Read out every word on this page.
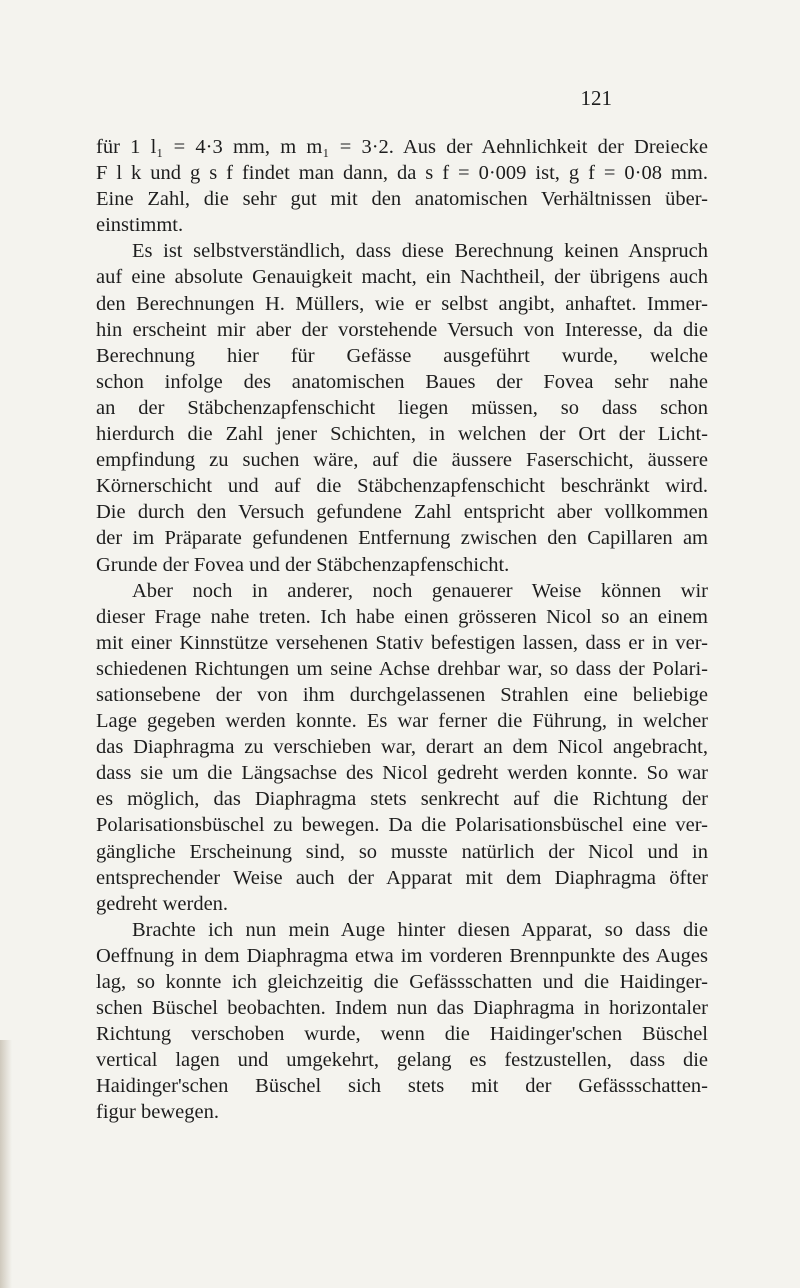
121
für 1 l₁ = 4·3 mm, m m₁ = 3·2. Aus der Aehnlichkeit der Dreiecke
F l k und g s f findet man dann, da s f = 0·009 ist, g f = 0·08 mm.
Eine Zahl, die sehr gut mit den anatomischen Verhältnissen über-
einstimmt.
Es ist selbstverständlich, dass diese Berechnung keinen Anspruch
auf eine absolute Genauigkeit macht, ein Nachtheil, der übrigens auch
den Berechnungen H. Müllers, wie er selbst angibt, anhaftet. Immer-
hin erscheint mir aber der vorstehende Versuch von Interesse, da die
Berechnung hier für Gefässe ausgeführt wurde, welche
schon infolge des anatomischen Baues der Fovea sehr nahe
an der Stäbchenzapfenschicht liegen müssen, so dass schon
hierdurch die Zahl jener Schichten, in welchen der Ort der Licht-
empfindung zu suchen wäre, auf die äussere Faserschicht, äussere
Körnerschicht und auf die Stäbchenzapfenschicht beschränkt wird.
Die durch den Versuch gefundene Zahl entspricht aber vollkommen
der im Präparate gefundenen Entfernung zwischen den Capillaren am
Grunde der Fovea und der Stäbchenzapfenschicht.
Aber noch in anderer, noch genauerer Weise können wir
dieser Frage nahe treten. Ich habe einen grösseren Nicol so an einem
mit einer Kinnstütze versehenen Stativ befestigen lassen, dass er in ver-
schiedenen Richtungen um seine Achse drehbar war, so dass der Polari-
sationsebene der von ihm durchgelassenen Strahlen eine beliebige
Lage gegeben werden konnte. Es war ferner die Führung, in welcher
das Diaphragma zu verschieben war, derart an dem Nicol angebracht,
dass sie um die Längsachse des Nicol gedreht werden konnte. So war
es möglich, das Diaphragma stets senkrecht auf die Richtung der
Polarisationsbüschel zu bewegen. Da die Polarisationsbüschel eine ver-
gängliche Erscheinung sind, so musste natürlich der Nicol und in
entsprechender Weise auch der Apparat mit dem Diaphragma öfter
gedreht werden.
Brachte ich nun mein Auge hinter diesen Apparat, so dass die
Oeffnung in dem Diaphragma etwa im vorderen Brennpunkte des Auges
lag, so konnte ich gleichzeitig die Gefässschatten und die Haidinger-
schen Büschel beobachten. Indem nun das Diaphragma in horizontaler
Richtung verschoben wurde, wenn die Haidinger'schen Büschel
vertical lagen und umgekehrt, gelang es festzustellen, dass die
Haidinger'schen Büschel sich stets mit der Gefässschatten-
figur bewegen.
